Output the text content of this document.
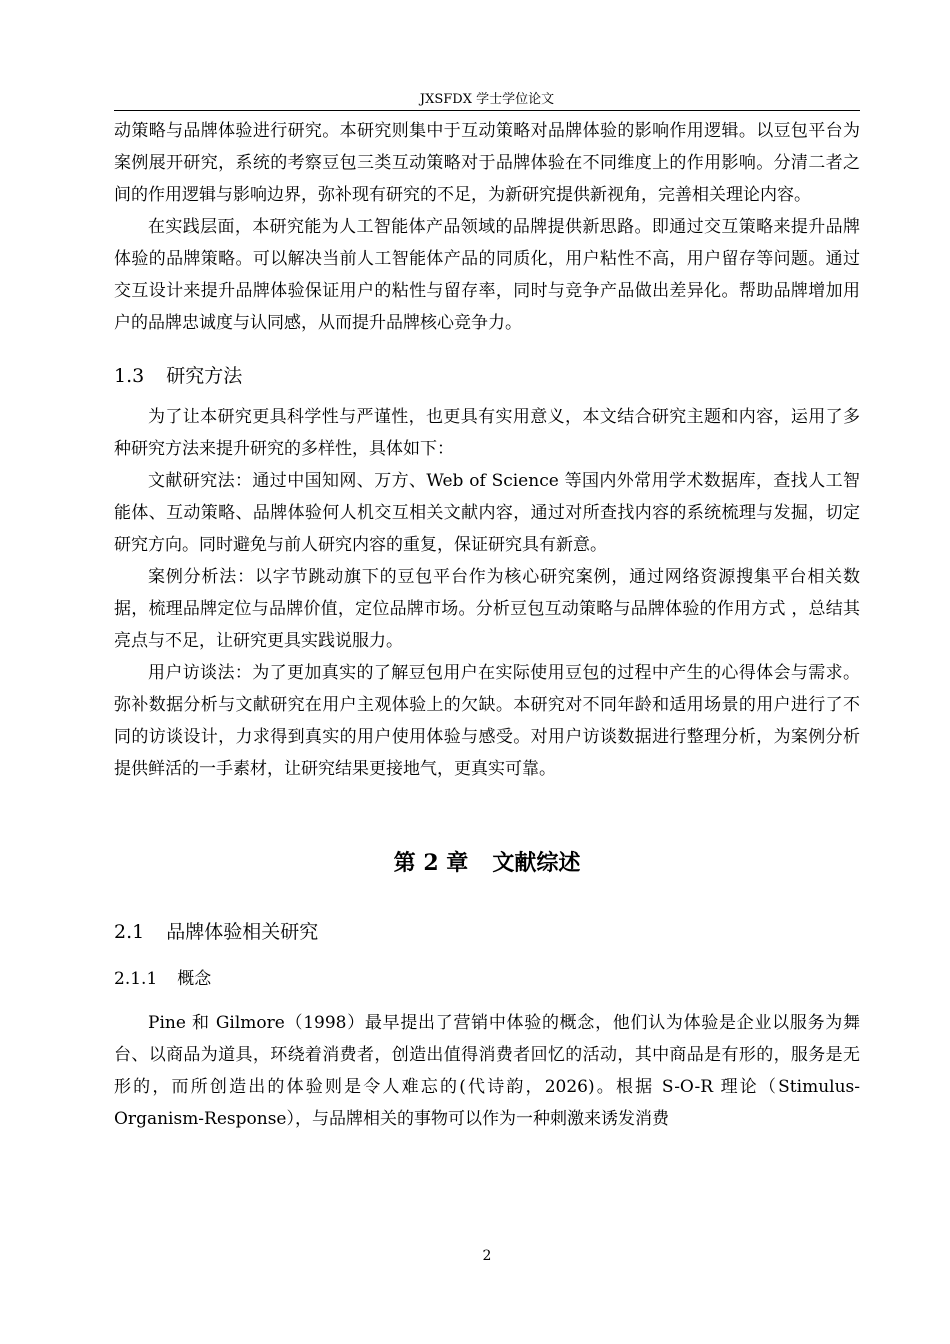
JXSFDX 学士学位论文

动策略与品牌体验进行研究。本研究则集中于互动策略对品牌体验的影响作用逻辑。以豆包平台为案例展开研究，系统的考察豆包三类互动策略对于品牌体验在不同维度上的作用影响。分清二者之间的作用逻辑与影响边界，弥补现有研究的不足，为新研究提供新视角，完善相关理论内容。

在实践层面，本研究能为人工智能体产品领域的品牌提供新思路。即通过交互策略来提升品牌体验的品牌策略。可以解决当前人工智能体产品的同质化，用户粘性不高，用户留存等问题。通过交互设计来提升品牌体验保证用户的粘性与留存率，同时与竞争产品做出差异化。帮助品牌增加用户的品牌忠诚度与认同感，从而提升品牌核心竞争力。

1.3 研究方法

为了让本研究更具科学性与严谨性，也更具有实用意义，本文结合研究主题和内容，运用了多种研究方法来提升研究的多样性，具体如下：

文献研究法：通过中国知网、万方、Web of Science 等国内外常用学术数据库，查找人工智能体、互动策略、品牌体验何人机交互相关文献内容，通过对所查找内容的系统梳理与发掘，切定研究方向。同时避免与前人研究内容的重复，保证研究具有新意。

案例分析法：以字节跳动旗下的豆包平台作为核心研究案例，通过网络资源搜集平台相关数据，梳理品牌定位与品牌价值，定位品牌市场。分析豆包互动策略与品牌体验的作用方式 ，总结其亮点与不足，让研究更具实践说服力。

用户访谈法：为了更加真实的了解豆包用户在实际使用豆包的过程中产生的心得体会与需求。弥补数据分析与文献研究在用户主观体验上的欠缺。本研究对不同年龄和适用场景的用户进行了不同的访谈设计，力求得到真实的用户使用体验与感受。对用户访谈数据进行整理分析，为案例分析提供鲜活的一手素材，让研究结果更接地气，更真实可靠。

第 2 章 文献综述
2.1 品牌体验相关研究
2.1.1 概念

Pine 和 Gilmore（1998）最早提出了营销中体验的概念，他们认为体验是企业以服务为舞台、以商品为道具，环绕着消费者，创造出值得消费者回忆的活动，其中商品是有形的，服务是无形的，而所创造出的体验则是令人难忘的(代诗韵，2026)。根据 S-O-R 理论（Stimulus-Organism-Response），与品牌相关的事物可以作为一种刺激来诱发消费

2
